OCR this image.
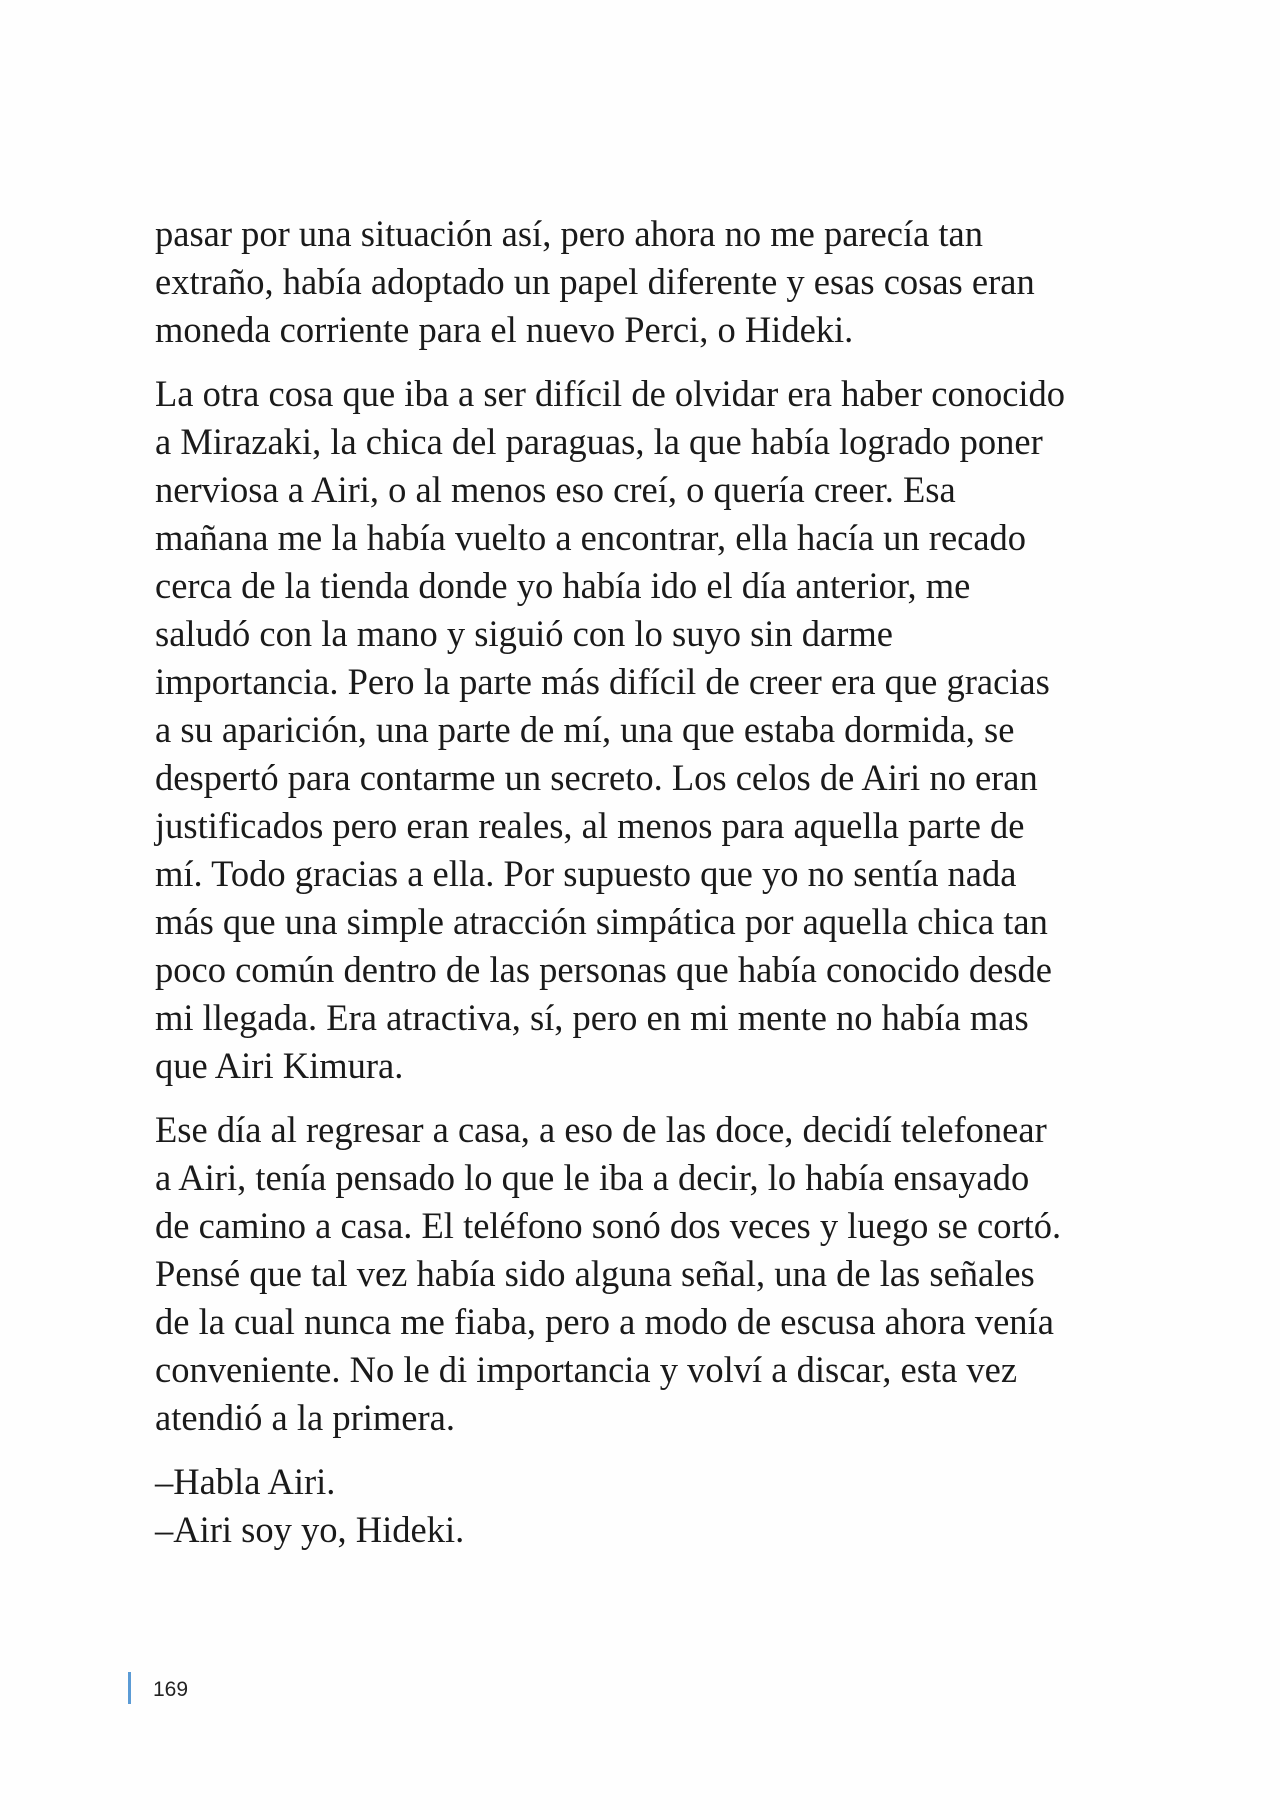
pasar por una situación así, pero ahora no me parecía tan
extraño, había adoptado un papel diferente y esas cosas eran
moneda corriente para el nuevo Perci, o Hideki.

La otra cosa que iba a ser difícil de olvidar era haber conocido
a Mirazaki, la chica del paraguas, la que había logrado poner
nerviosa a Airi, o al menos eso creí, o quería creer. Esa
mañana me la había vuelto a encontrar, ella hacía un recado
cerca de la tienda donde yo había ido el día anterior, me
saludó con la mano y siguió con lo suyo sin darme
importancia. Pero la parte más difícil de creer era que gracias
a su aparición, una parte de mí, una que estaba dormida, se
despertó para contarme un secreto. Los celos de Airi no eran
justificados pero eran reales, al menos para aquella parte de
mí. Todo gracias a ella. Por supuesto que yo no sentía nada
más que una simple atracción simpática por aquella chica tan
poco común dentro de las personas que había conocido desde
mi llegada. Era atractiva, sí, pero en mi mente no había mas
que Airi Kimura.

Ese día al regresar a casa, a eso de las doce, decidí telefonear
a Airi, tenía pensado lo que le iba a decir, lo había ensayado
de camino a casa. El teléfono sonó dos veces y luego se cortó.
Pensé que tal vez había sido alguna señal, una de las señales
de la cual nunca me fiaba, pero a modo de escusa ahora venía
conveniente. No le di importancia y volví a discar, esta vez
atendió a la primera.

–Habla Airi.
–Airi soy yo, Hideki.

169
